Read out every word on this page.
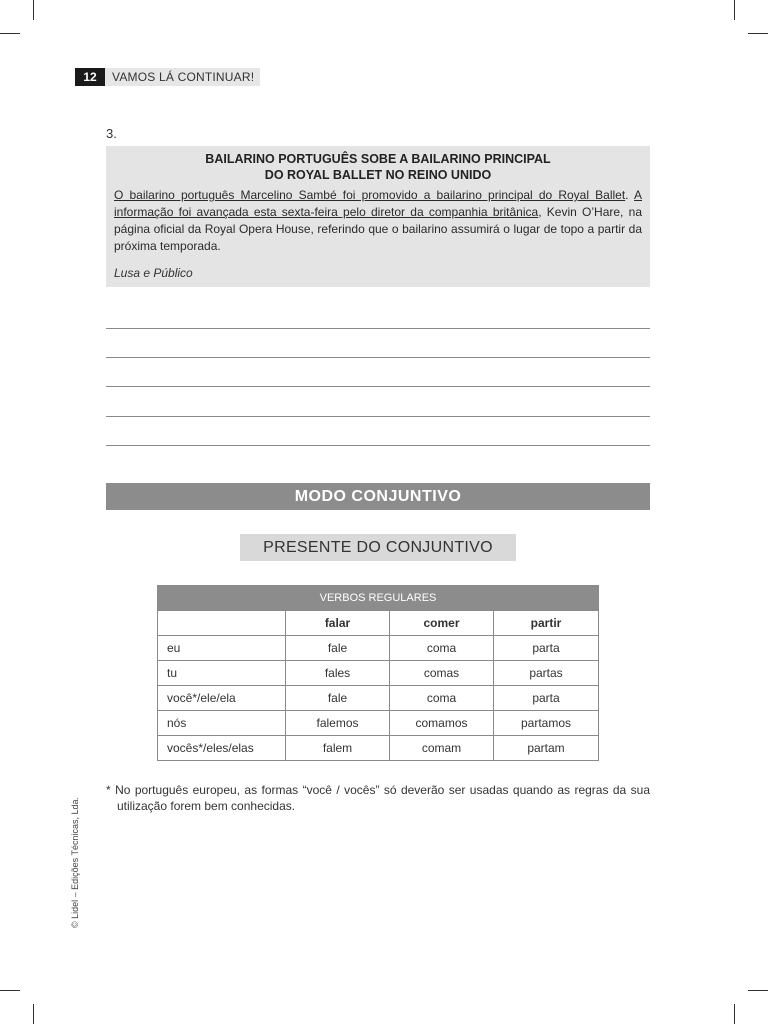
12	VAMOS LÁ CONTINUAR!
3.
BAILARINO PORTUGUÊS SOBE A BAILARINO PRINCIPAL
DO ROYAL BALLET NO REINO UNIDO
O bailarino português Marcelino Sambé foi promovido a bailarino principal do Royal Ballet. A informação foi avançada esta sexta-feira pelo diretor da companhia britânica, Kevin O’Hare, na página oficial da Royal Opera House, referindo que o bailarino assumirá o lugar de topo a partir da próxima temporada.
Lusa e Público
MODO CONJUNTIVO
PRESENTE DO CONJUNTIVO
VERBOS REGULARES			
	falar	comer	partir
eu	fale	coma	parta
tu	fales	comas	partas
você*/ele/ela	fale	coma	parta
nós	falemos	comamos	partamos
vocês*/eles/elas	falem	comam	partam
* No português europeu, as formas “você / vocês” só deverão ser usadas quando as regras da sua utilização forem bem conhecidas.
© Lidel – Edições Técnicas, Lda.
